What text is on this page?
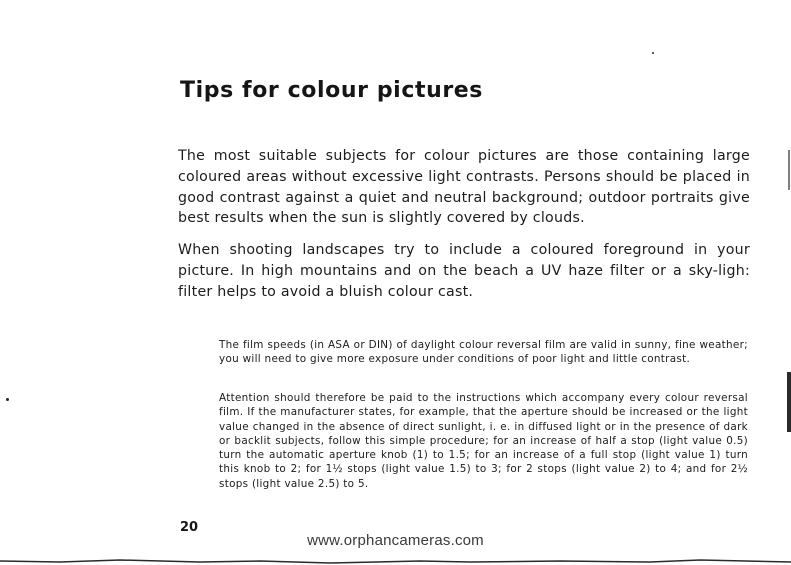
Tips for colour pictures
The most suitable subjects for colour pictures are those containing large coloured areas without excessive light contrasts. Persons should be placed in good contrast against a quiet and neutral background; outdoor portraits give best results when the sun is slightly covered by clouds.
When shooting landscapes try to include a coloured foreground in your picture. In high mountains and on the beach a UV haze filter or a sky-ligh: filter helps to avoid a bluish colour cast.
The film speeds (in ASA or DIN) of daylight colour reversal film are valid in sunny, fine weather; you will need to give more exposure under conditions of poor light and little contrast.
Attention should therefore be paid to the instructions which accompany every colour reversal film. If the manufacturer states, for example, that the aperture should be increased or the light value changed in the absence of direct sunlight, i. e. in diffused light or in the presence of dark or backlit subjects, follow this simple procedure; for an increase of half a stop (light value 0.5) turn the automatic aperture knob (1) to 1.5; for an increase of a full stop (light value 1) turn this knob to 2; for 1½ stops (light value 1.5) to 3; for 2 stops (light value 2) to 4; and for 2½ stops (light value 2.5) to 5.
20
www.orphancameras.com
